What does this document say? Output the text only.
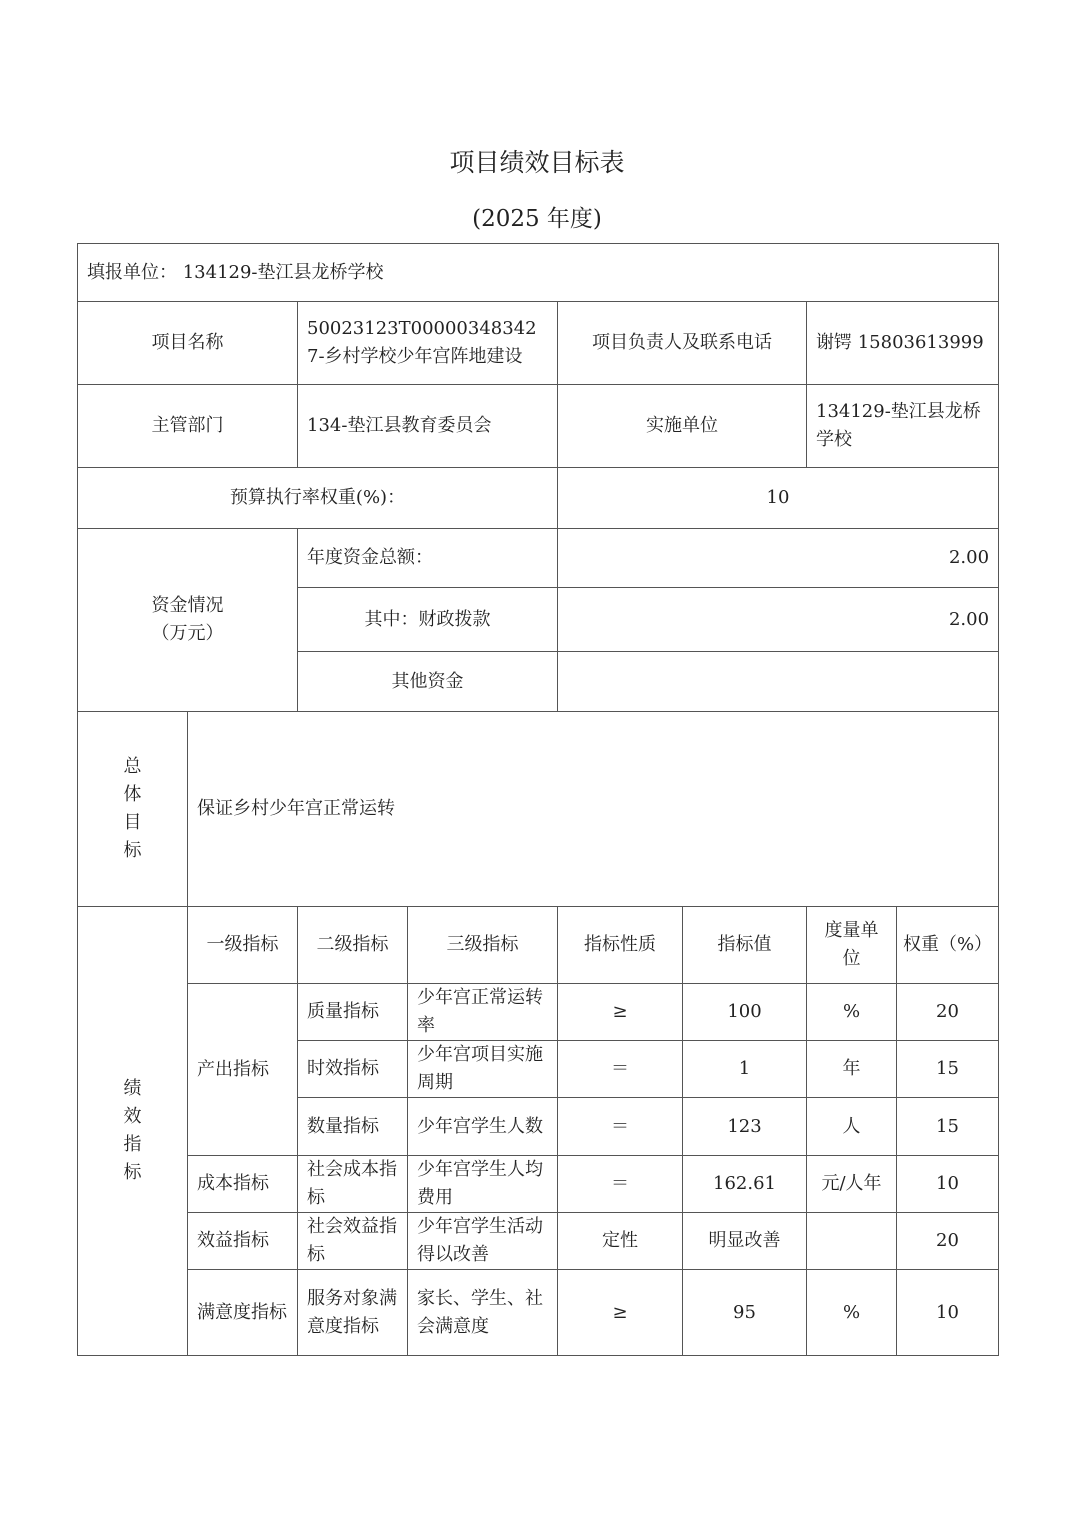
项目绩效目标表
(2025 年度)
填报单位： 134129-垫江县龙桥学校							
项目名称		50023123T000003483427-乡村学校少年宫阵地建设		项目负责人及联系电话		谢锷 15803613999	
主管部门		134-垫江县教育委员会		实施单位		134129-垫江县龙桥学校	
预算执行率权重(%)：				10			

资金情况
（万元）		年度资金总额：		2.00			
		其中：财政拨款		2.00			
		其他资金					

总
体
目
标	保证乡村少年宫正常运转						

绩
效
指
标	一级指标	二级指标	三级指标	指标性质	指标值	度量单位	权重（%）
	产出指标	质量指标	少年宫正常运转率	≥	100	%	20
		时效指标	少年宫项目实施周期	＝	1	年	15
		数量指标	少年宫学生人数	＝	123	人	15
	成本指标	社会成本指标	少年宫学生人均费用	＝	162.61	元/人年	10
	效益指标	社会效益指标	少年宫学生活动得以改善	定性	明显改善		20
	满意度指标	服务对象满意度指标	家长、学生、社会满意度	≥	95	%	10
